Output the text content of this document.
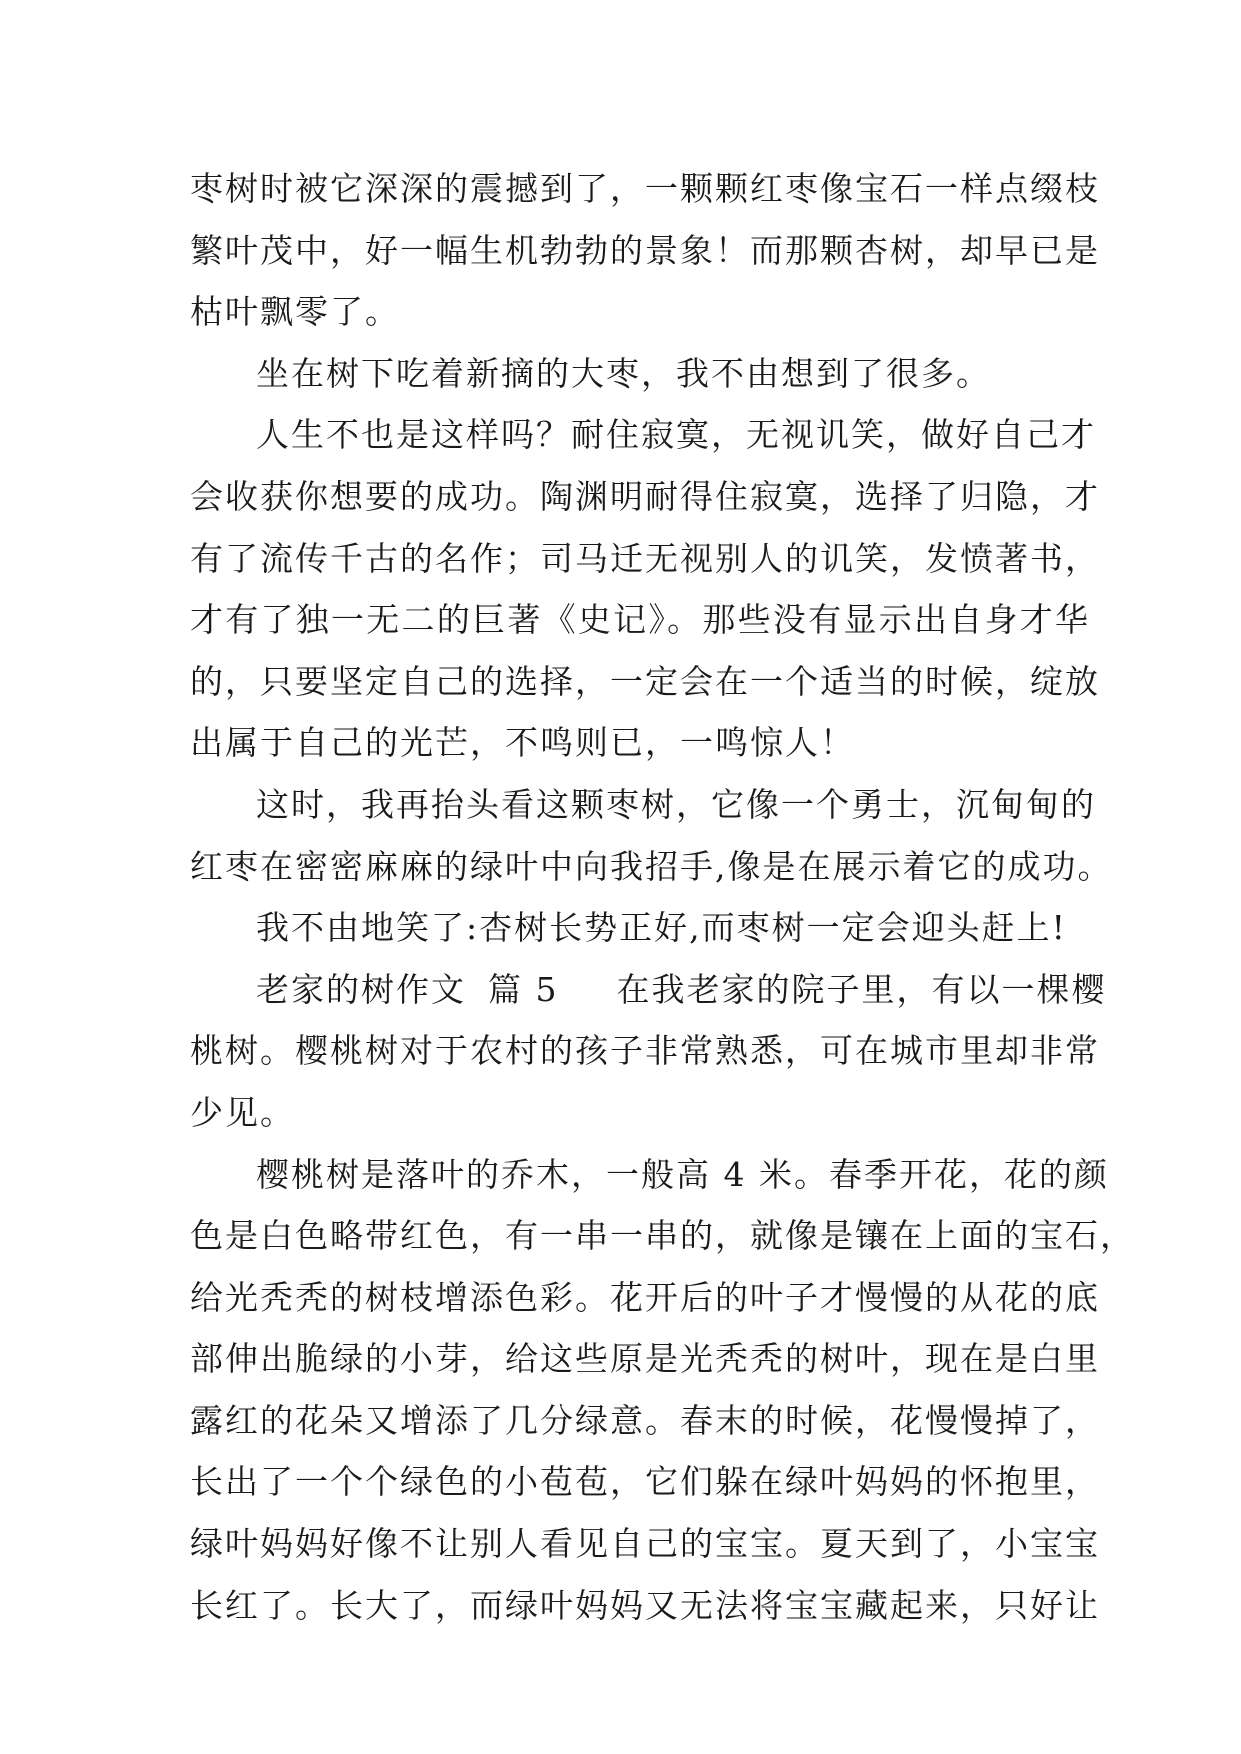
枣树时被它深深的震撼到了，一颗颗红枣像宝石一样点缀枝
繁叶茂中，好一幅生机勃勃的景象！而那颗杏树，却早已是
枯叶飘零了。
坐在树下吃着新摘的大枣，我不由想到了很多。
人生不也是这样吗？耐住寂寞，无视讥笑，做好自己才
会收获你想要的成功。陶渊明耐得住寂寞，选择了归隐，才
有了流传千古的名作；司马迁无视别人的讥笑，发愤著书，
才有了独一无二的巨著《史记》。那些没有显示出自身才华
的，只要坚定自己的选择，一定会在一个适当的时候，绽放
出属于自己的光芒，不鸣则已，一鸣惊人！
这时，我再抬头看这颗枣树，它像一个勇士，沉甸甸的
红枣在密密麻麻的绿叶中向我招手,像是在展示着它的成功。
我不由地笑了:杏树长势正好,而枣树一定会迎头赶上!
老家的树作文 篇 5 在我老家的院子里，有以一棵樱
桃树。樱桃树对于农村的孩子非常熟悉，可在城市里却非常
少见。
樱桃树是落叶的乔木，一般高 4 米。春季开花，花的颜
色是白色略带红色，有一串一串的，就像是镶在上面的宝石，
给光秃秃的树枝增添色彩。花开后的叶子才慢慢的从花的底
部伸出脆绿的小芽，给这些原是光秃秃的树叶，现在是白里
露红的花朵又增添了几分绿意。春末的时候，花慢慢掉了，
长出了一个个绿色的小苞苞，它们躲在绿叶妈妈的怀抱里，
绿叶妈妈好像不让别人看见自己的宝宝。夏天到了，小宝宝
长红了。长大了，而绿叶妈妈又无法将宝宝藏起来，只好让
